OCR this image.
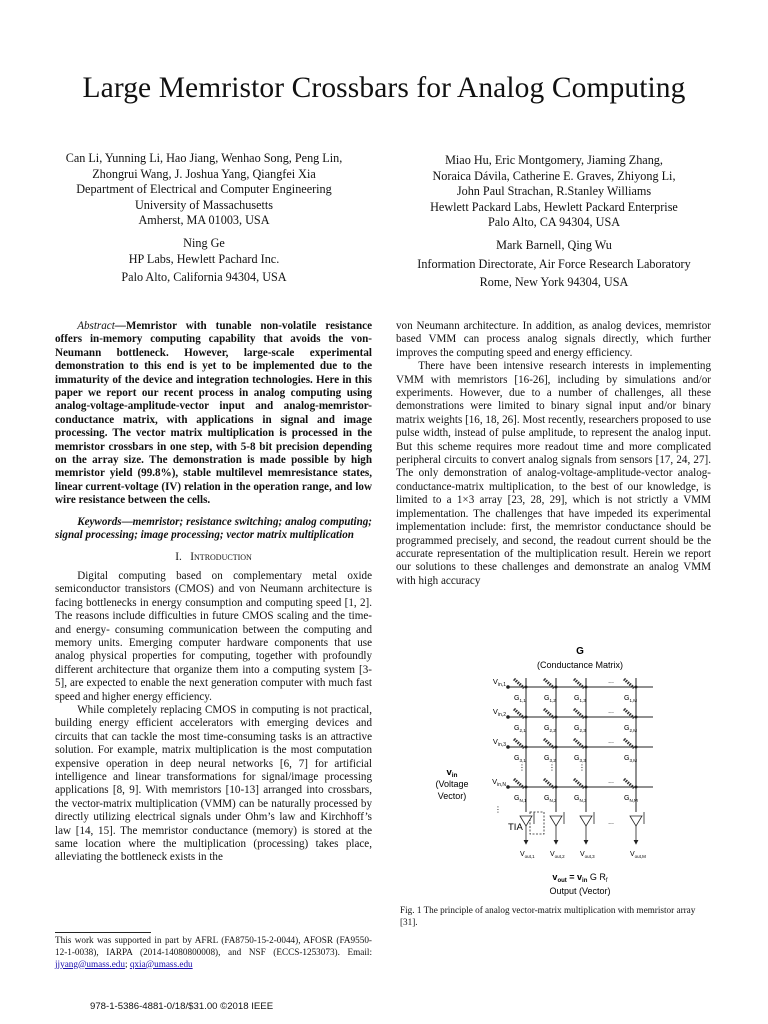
Large Memristor Crossbars for Analog Computing
Can Li, Yunning Li, Hao Jiang, Wenhao Song, Peng Lin,
Zhongrui Wang, J. Joshua Yang, Qiangfei Xia
Department of Electrical and Computer Engineering
University of Massachusetts
Amherst, MA 01003, USA
Ning Ge
HP Labs, Hewlett Pachard Inc.
Palo Alto, California 94304, USA
Miao Hu, Eric Montgomery, Jiaming Zhang,
Noraica Dávila, Catherine E. Graves, Zhiyong Li,
John Paul Strachan, R.Stanley Williams
Hewlett Packard Labs, Hewlett Packard Enterprise
Palo Alto, CA 94304, USA
Mark Barnell, Qing Wu
Information Directorate, Air Force Research Laboratory
Rome, New York 94304, USA
Abstract—Memristor with tunable non-volatile resistance offers in-memory computing capability that avoids the von-Neumann bottleneck. However, large-scale experimental demonstration to this end is yet to be implemented due to the immaturity of the device and integration technologies. Here in this paper we report our recent process in analog computing using analog-voltage-amplitude-vector input and analog-memristor-conductance matrix, with applications in signal and image processing. The vector matrix multiplication is processed in the memristor crossbars in one step, with 5-8 bit precision depending on the array size. The demonstration is made possible by high memristor yield (99.8%), stable multilevel memresistance states, linear current-voltage (IV) relation in the operation range, and low wire resistance between the cells.
Keywords—memristor; resistance switching; analog computing; signal processing; image processing; vector matrix multiplication
I. Introduction
Digital computing based on complementary metal oxide semiconductor transistors (CMOS) and von Neumann architecture is facing bottlenecks in energy consumption and computing speed [1, 2]. The reasons include difficulties in future CMOS scaling and the time- and energy- consuming communication between the computing and memory units. Emerging computer hardware components that use analog physical properties for computing, together with profoundly different architecture that organize them into a computing system [3-5], are expected to enable the next generation computer with much fast speed and higher energy efficiency.
While completely replacing CMOS in computing is not practical, building energy efficient accelerators with emerging devices and circuits that can tackle the most time-consuming tasks is an attractive solution. For example, matrix multiplication is the most computation expensive operation in deep neural networks [6, 7] for artificial intelligence and linear transformations for signal/image processing applications [8, 9]. With memristors [10-13] arranged into crossbars, the vector-matrix multiplication (VMM) can be naturally processed by directly utilizing electrical signals under Ohm’s law and Kirchhoff’s law [14, 15]. The memristor conductance (memory) is stored at the same location where the multiplication (processing) takes place, alleviating the bottleneck exists in the
This work was supported in part by AFRL (FA8750-15-2-0044), AFOSR (FA9550-12-1-0038), IARPA (2014-14080800008), and NSF (ECCS-1253073). Email: jjyang@umass.edu; qxia@umass.edu
978-1-5386-4881-0/18/$31.00 ©2018 IEEE
von Neumann architecture. In addition, as analog devices, memristor based VMM can process analog signals directly, which further improves the computing speed and energy efficiency.
There have been intensive research interests in implementing VMM with memristors [16-26], including by simulations and/or experiments. However, due to a number of challenges, all these demonstrations were limited to binary signal input and/or binary matrix weights [16, 18, 26]. Most recently, researchers proposed to use pulse width, instead of pulse amplitude, to represent the analog input. But this scheme requires more readout time and more complicated peripheral circuits to convert analog signals from sensors [17, 24, 27]. The only demonstration of analog-voltage-amplitude-vector analog-conductance-matrix multiplication, to the best of our knowledge, is limited to a 1×3 array [23, 28, 29], which is not strictly a VMM implementation. The challenges that have impeded its experimental implementation include: first, the memristor conductance should be programmed precisely, and second, the readout current should be the accurate representation of the multiplication result. Herein we report our solutions to these challenges and demonstrate an analog VMM with high accuracy
G
(Conductance Matrix)
$V_{in,1}$
$V_{in,2}$
$V_{in,3}$
$V_{in,N}$
$G_{1,1}$	$G_{1,2}$	$G_{1,3}$	$G_{1,M}$
...
$G_{2,1}$	$G_{2,2}$	$G_{2,3}$	$G_{2,M}$
...
$G_{3,1}$	$G_{3,2}$	$G_{3,3}$	$G_{3,M}$
...
$G_{N,1}$	$G_{N,2}$	$G_{N,3}$	$G_{N,M}$
...
⋮	⋮	⋮
⋮
$V_{out,1}$ $V_{out,2}$ $V_{out,3}$	$V_{out,M}$
...
$v_{in}$
(Voltage
Vector)
TIA
$v_{out} = v_{in}$ G $R_f$
Output (Vector)
Fig. 1 The principle of analog vector-matrix multiplication with memristor array [31].
